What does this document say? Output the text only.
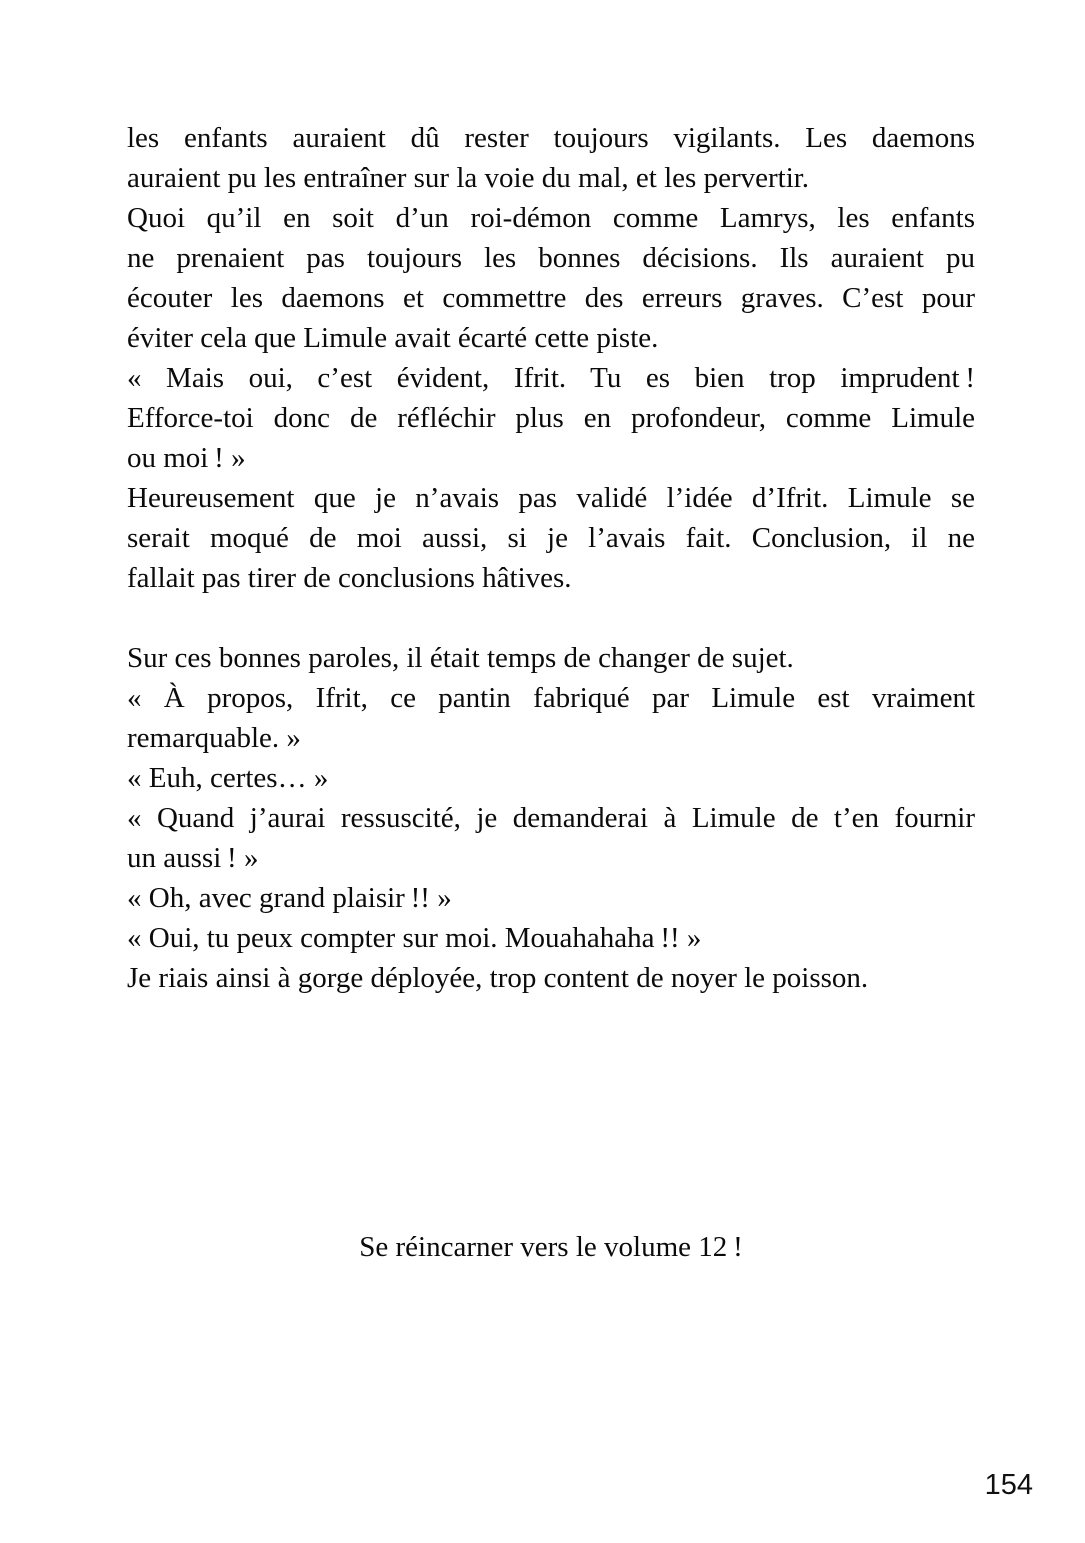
les enfants auraient dû rester toujours vigilants. Les daemons
auraient pu les entraîner sur la voie du mal, et les pervertir.
Quoi qu’il en soit d’un roi-démon comme Lamrys, les enfants
ne prenaient pas toujours les bonnes décisions. Ils auraient pu
écouter les daemons et commettre des erreurs graves. C’est pour
éviter cela que Limule avait écarté cette piste.
« Mais oui, c’est évident, Ifrit. Tu es bien trop imprudent !
Efforce-toi donc de réfléchir plus en profondeur, comme Limule
ou moi ! »
Heureusement que je n’avais pas validé l’idée d’Ifrit. Limule se
serait moqué de moi aussi, si je l’avais fait. Conclusion, il ne
fallait pas tirer de conclusions hâtives.
Sur ces bonnes paroles, il était temps de changer de sujet.
« À propos, Ifrit, ce pantin fabriqué par Limule est vraiment
remarquable. »
« Euh, certes… »
« Quand j’aurai ressuscité, je demanderai à Limule de t’en fournir
un aussi ! »
« Oh, avec grand plaisir !! »
« Oui, tu peux compter sur moi. Mouahahaha !! »
Je riais ainsi à gorge déployée, trop content de noyer le poisson.
Se réincarner vers le volume 12 !
154
